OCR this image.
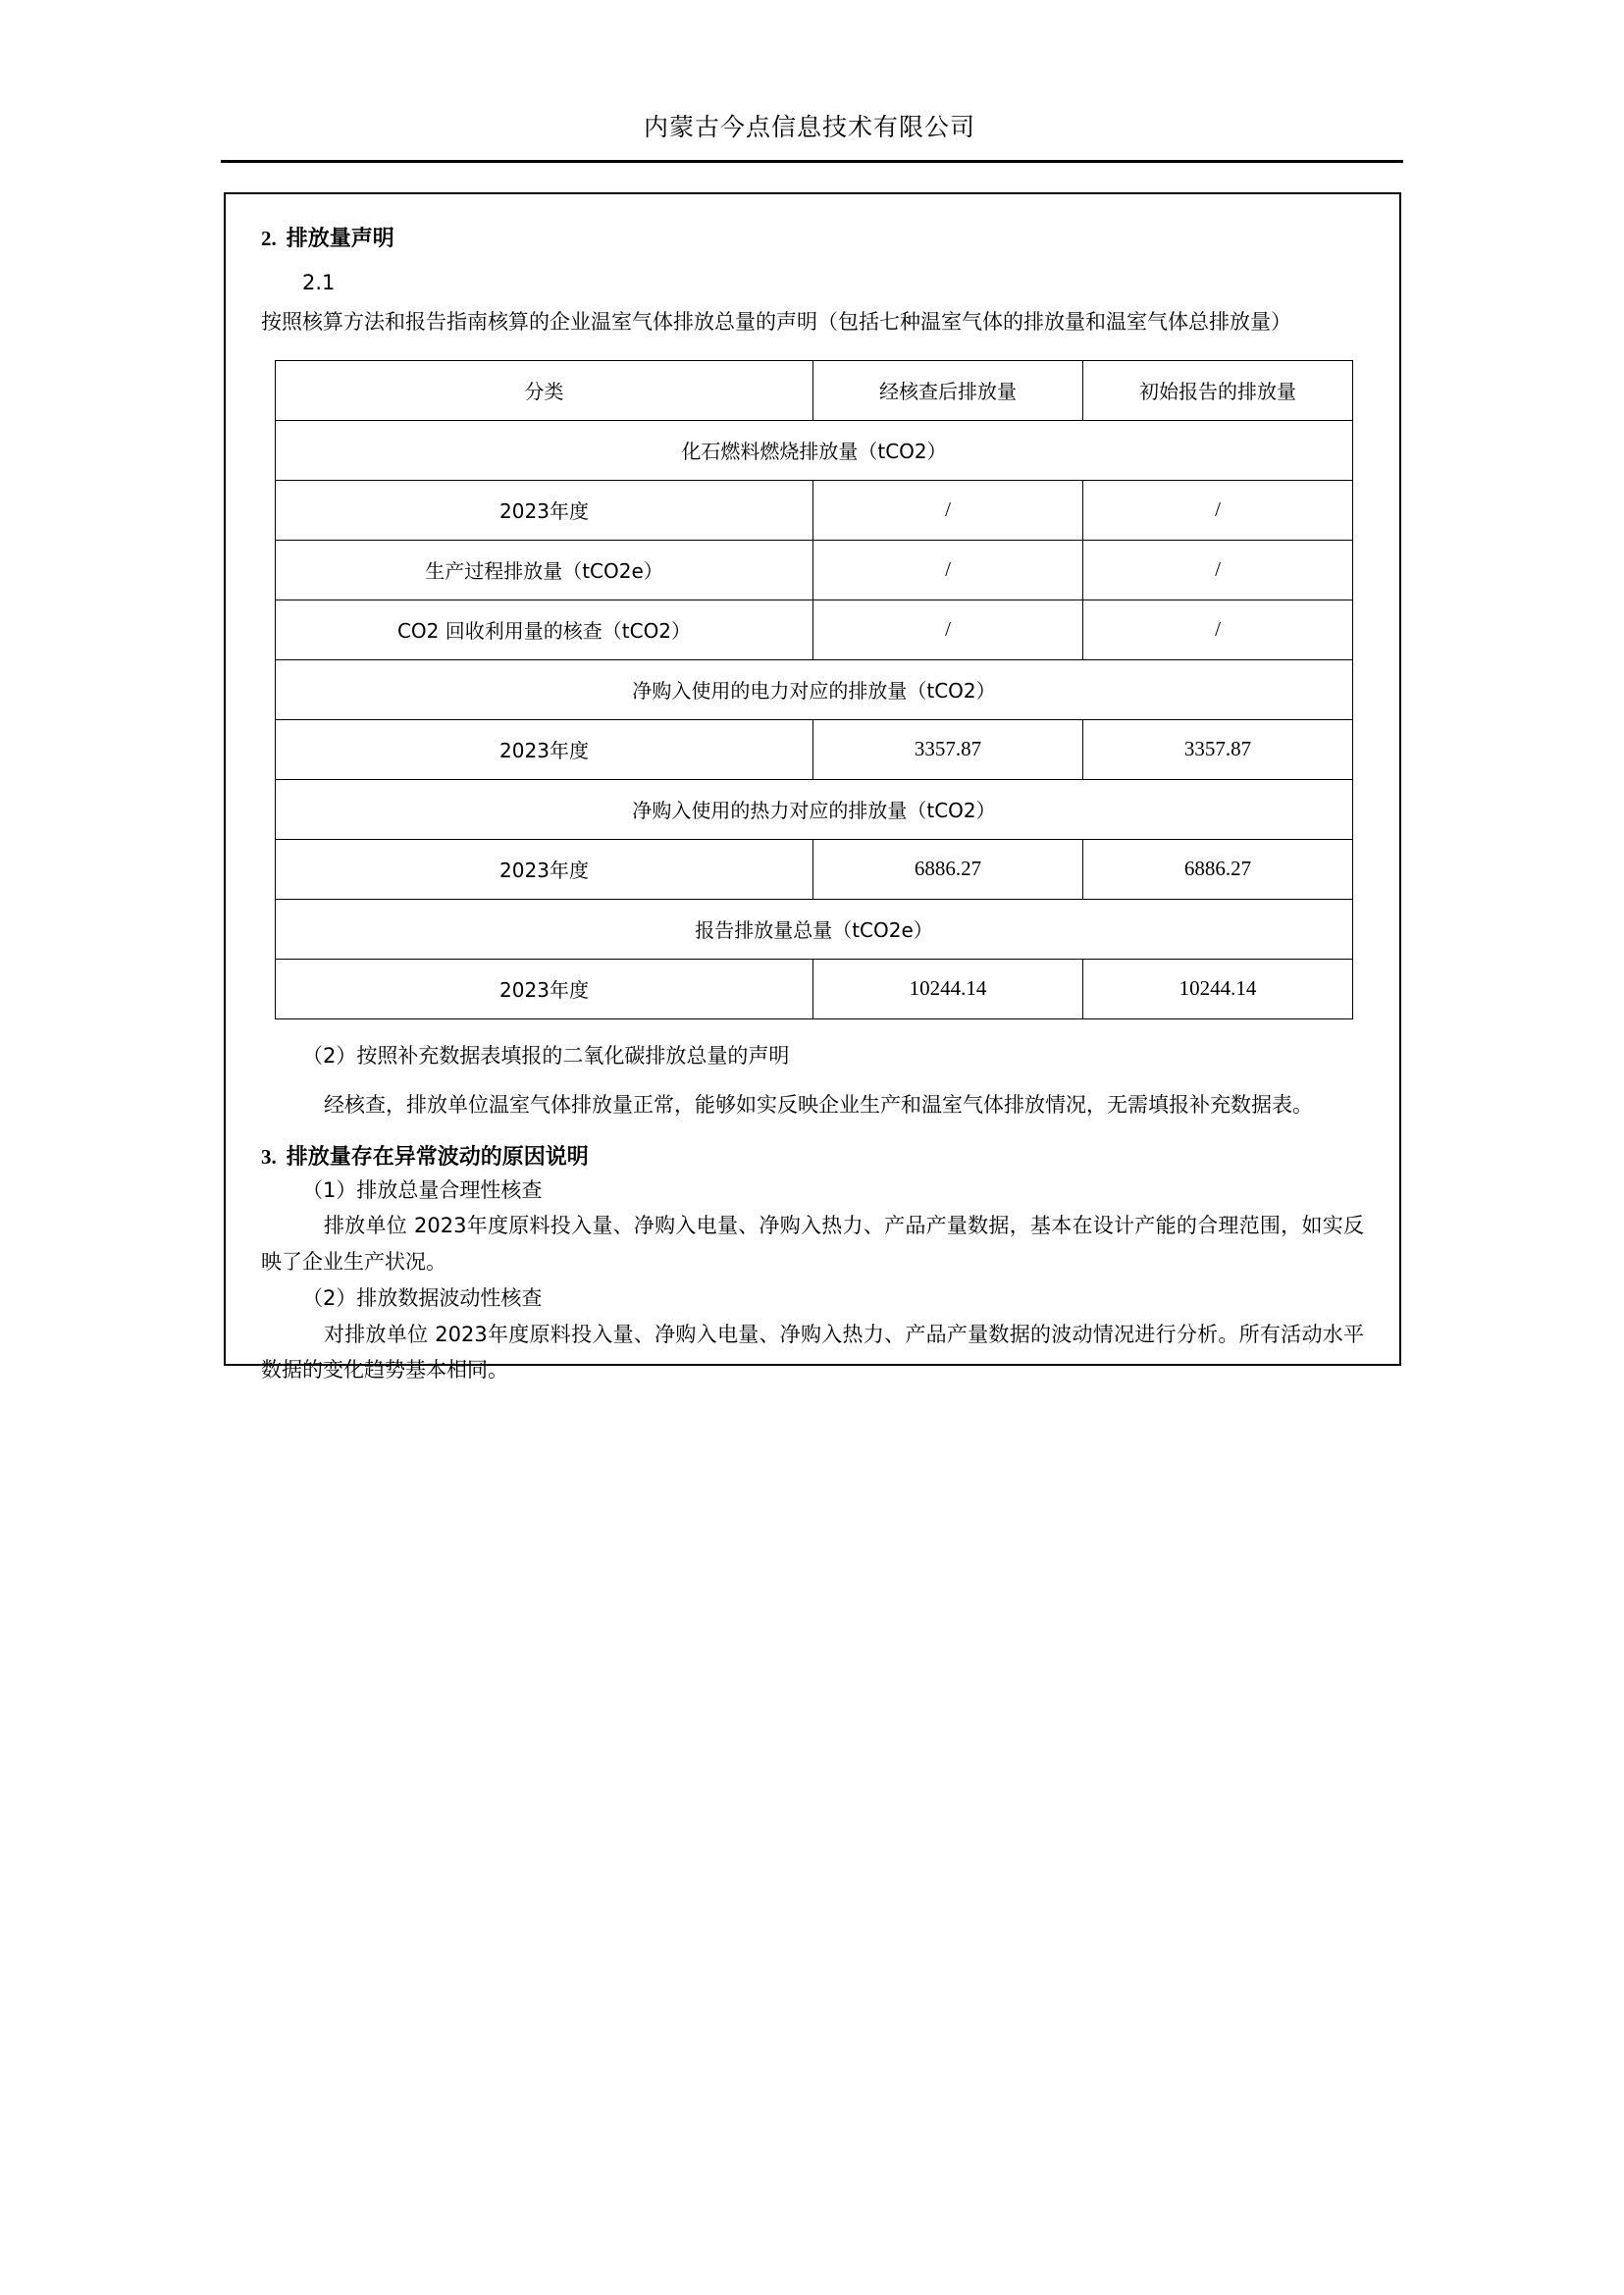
内蒙古今点信息技术有限公司
2. 排放量声明

2.1 按照核算方法和报告指南核算的企业温室气体排放总量的声明（包括七种温室气体的排放量和温室气体总排放量）

分类	经核查后排放量	初始报告的排放量
化石燃料燃烧排放量（tCO2）		
2023年度	/	/
生产过程排放量（tCO2e）	/	/
CO2 回收利用量的核查（tCO2）	/	/
净购入使用的电力对应的排放量（tCO2）		
2023年度	3357.87	3357.87
净购入使用的热力对应的排放量（tCO2）		
2023年度	6886.27	6886.27
报告排放量总量（tCO2e）		
2023年度	10244.14	10244.14

（2）按照补充数据表填报的二氧化碳排放总量的声明

经核查，排放单位温室气体排放量正常，能够如实反映企业生产和温室气体排放情况，无需填报补充数据表。

3. 排放量存在异常波动的原因说明

（1）排放总量合理性核查

排放单位 2023年度原料投入量、净购入电量、净购入热力、产品产量数据，基本在设计产能的合理范围，如实反映了企业生产状况。

（2）排放数据波动性核查

对排放单位 2023年度原料投入量、净购入电量、净购入热力、产品产量数据的波动情况进行分析。所有活动水平数据的变化趋势基本相同。
